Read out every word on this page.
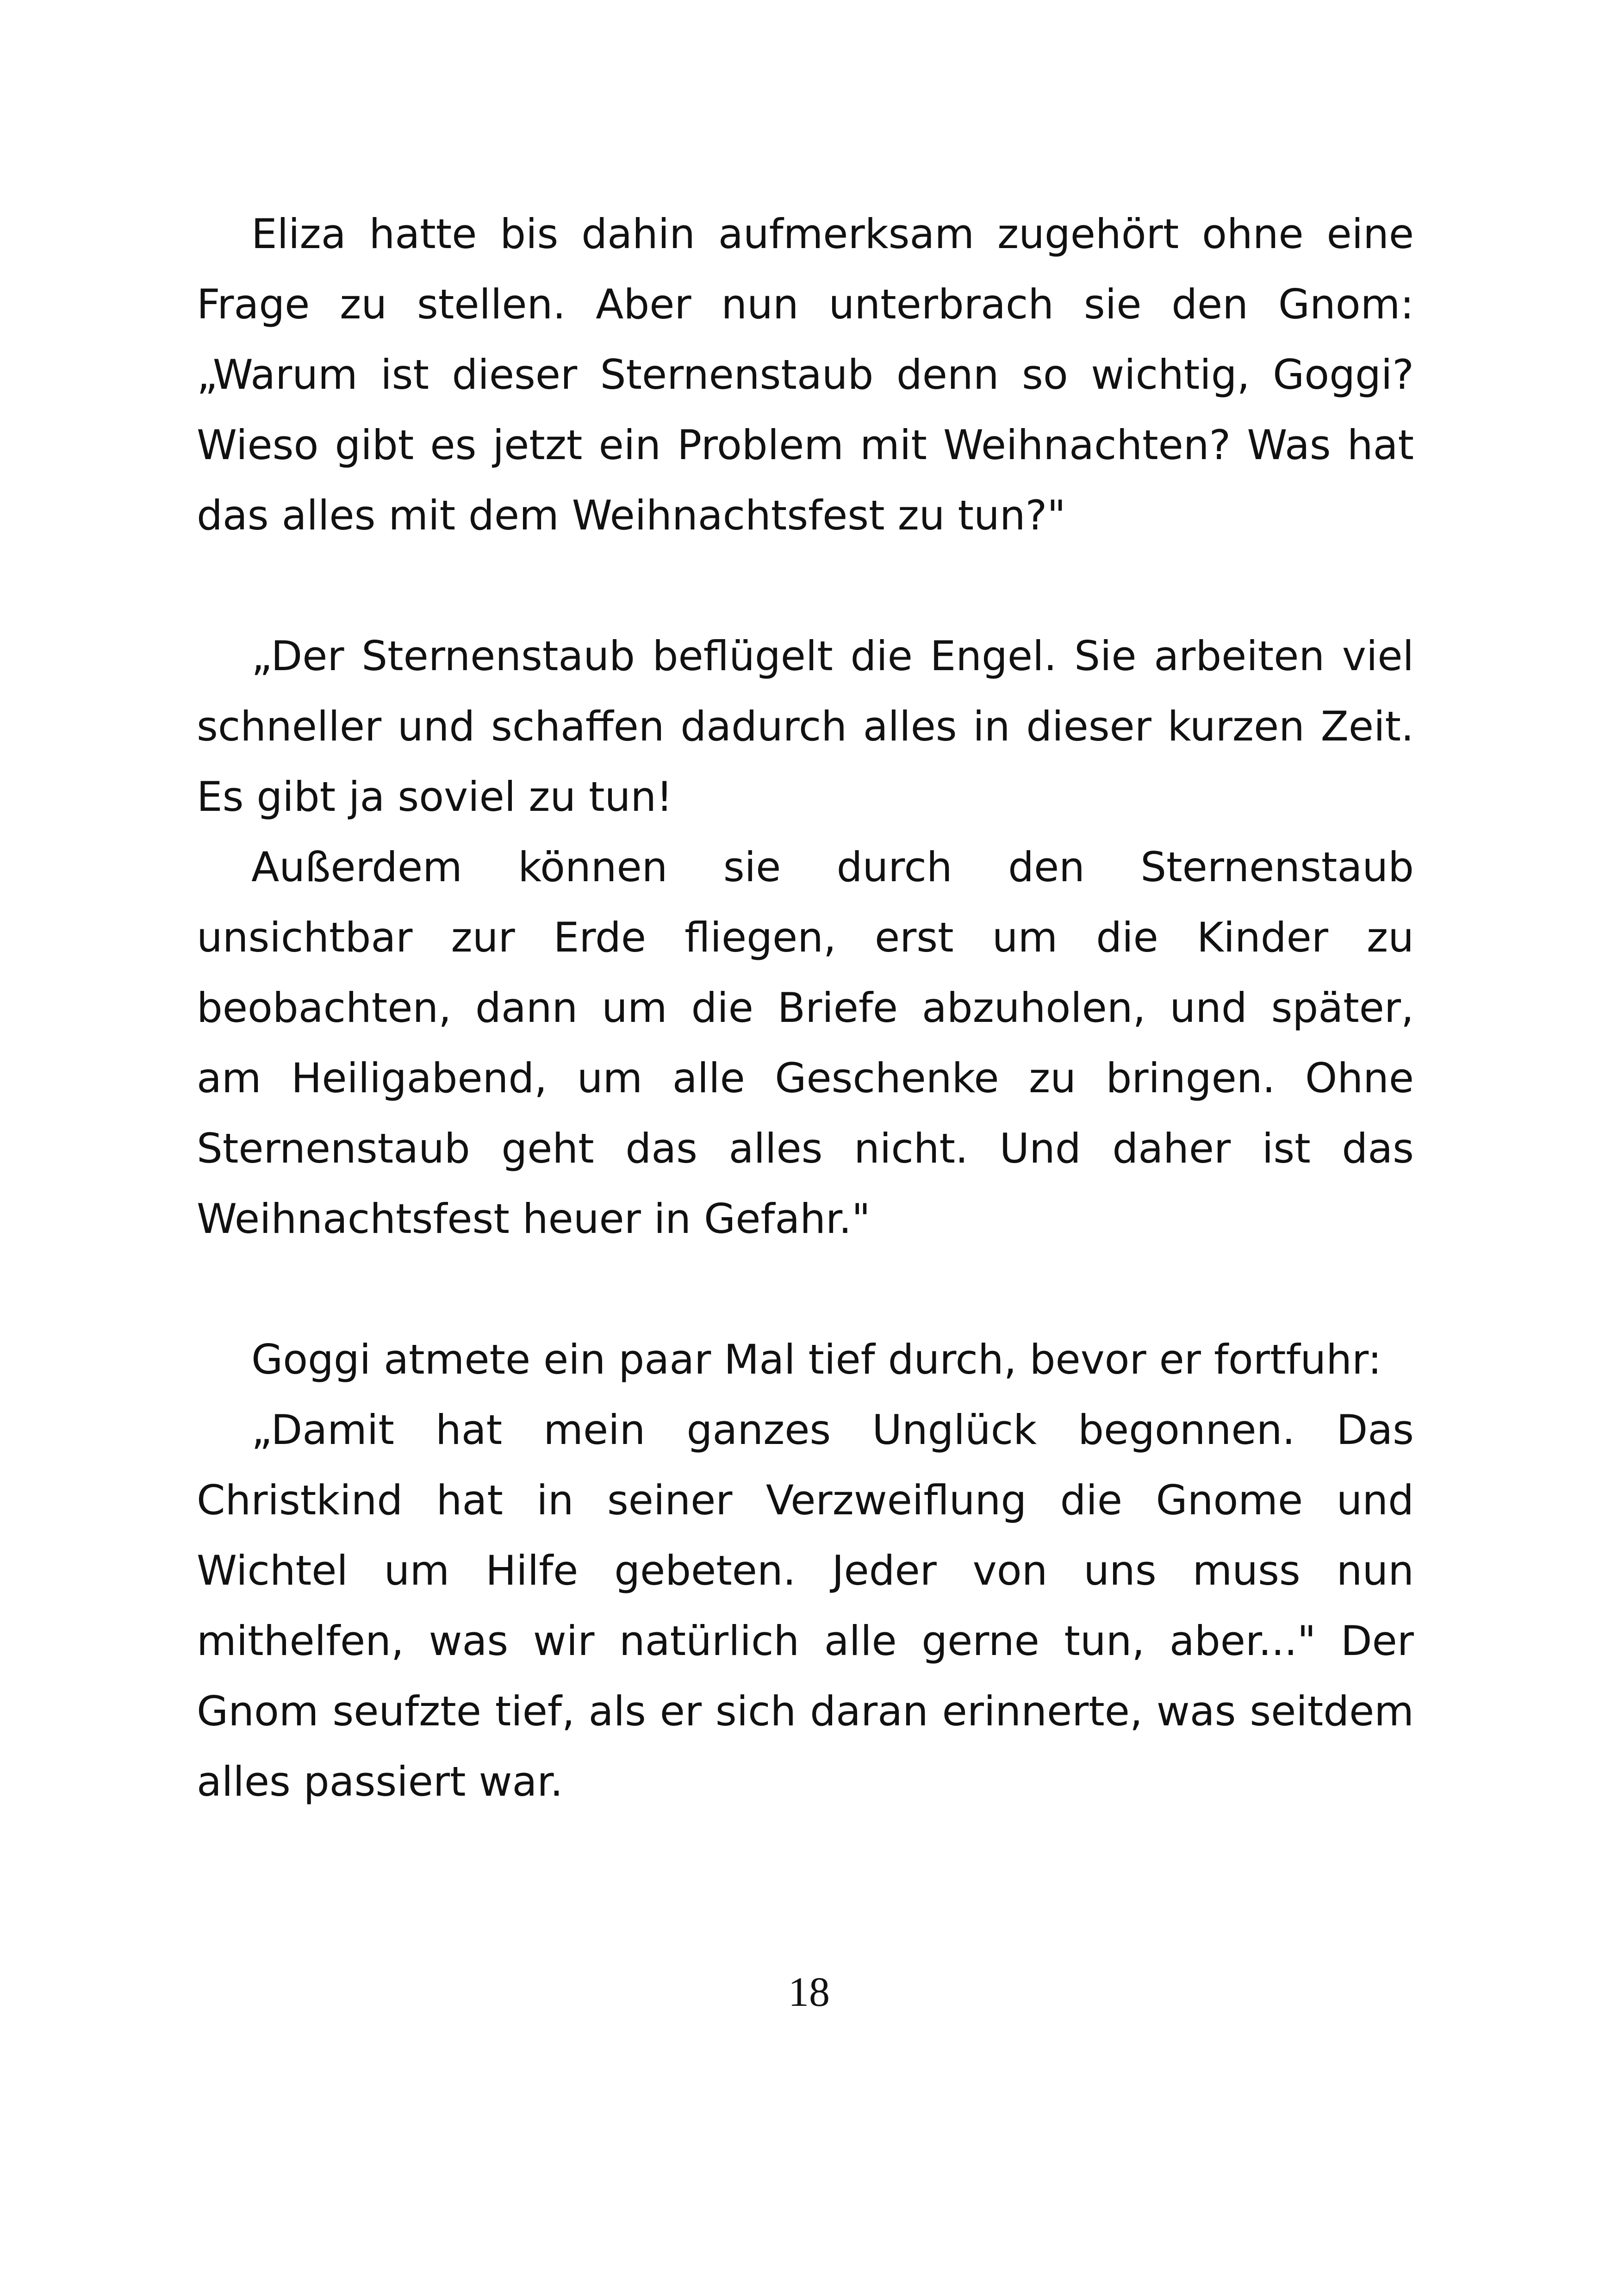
Eliza hatte bis dahin aufmerksam zugehört ohne eine Frage zu stellen. Aber nun unterbrach sie den Gnom: „Warum ist dieser Sternenstaub denn so wichtig, Goggi? Wieso gibt es jetzt ein Problem mit Weihnachten? Was hat das alles mit dem Weihnachtsfest zu tun?"

„Der Sternenstaub beflügelt die Engel. Sie arbeiten viel schneller und schaffen dadurch alles in dieser kurzen Zeit. Es gibt ja soviel zu tun!

Außerdem können sie durch den Sternenstaub unsichtbar zur Erde fliegen, erst um die Kinder zu beobachten, dann um die Briefe abzuholen, und später, am Heiligabend, um alle Geschenke zu bringen. Ohne Sternenstaub geht das alles nicht. Und daher ist das Weihnachtsfest heuer in Gefahr."

Goggi atmete ein paar Mal tief durch, bevor er fortfuhr:

„Damit hat mein ganzes Unglück begonnen. Das Christkind hat in seiner Verzweiflung die Gnome und Wichtel um Hilfe gebeten. Jeder von uns muss nun mithelfen, was wir natürlich alle gerne tun, aber..." Der Gnom seufzte tief, als er sich daran erinnerte, was seitdem alles passiert war.

18
